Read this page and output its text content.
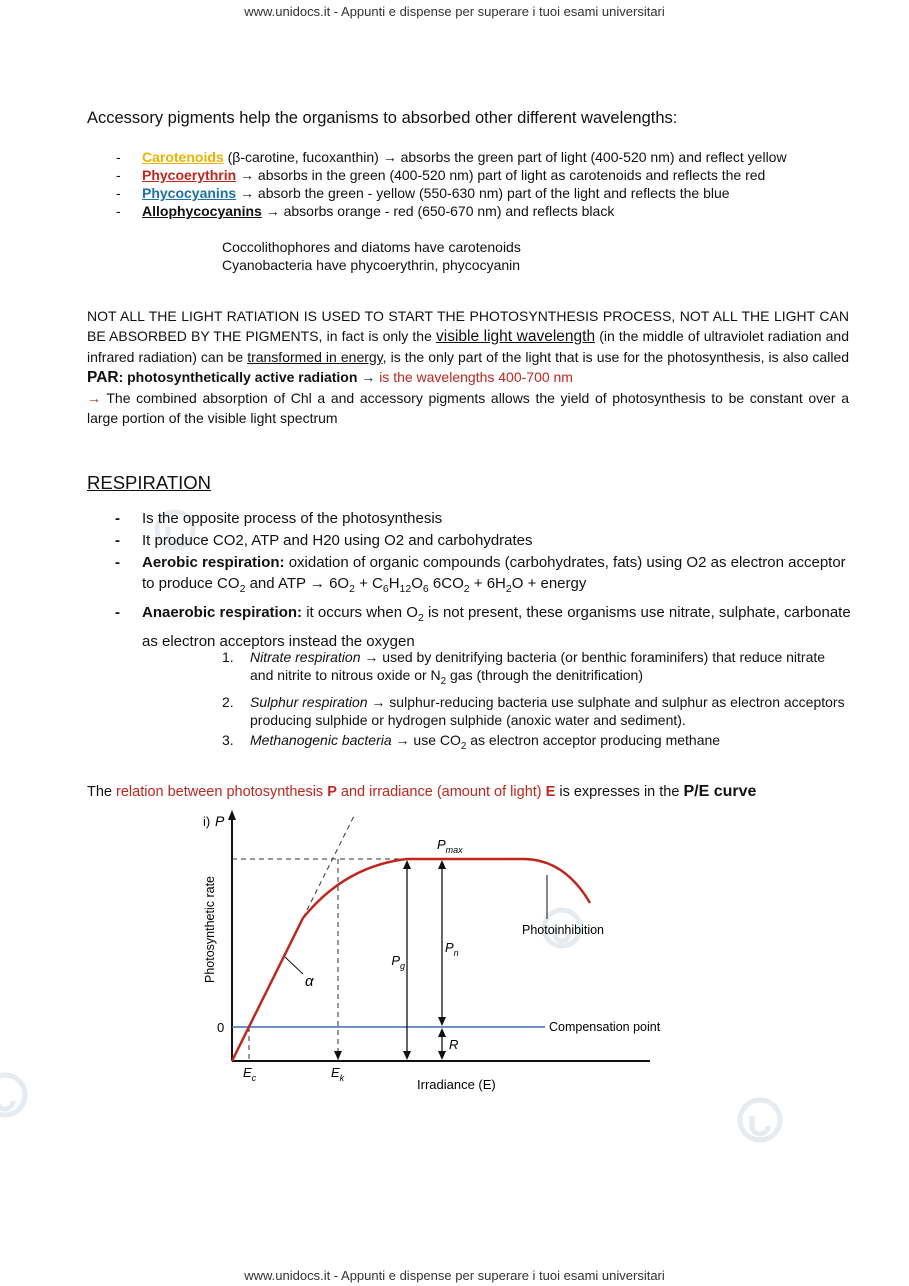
www.unidocs.it - Appunti e dispense per superare i tuoi esami universitari
www.unidocs.it - Appunti e dispense per superare i tuoi esami universitari
Accessory pigments help the organisms to absorbed other different wavelengths:
- Carotenoids (β-carotine, fucoxanthin) → absorbs the green part of light (400-520 nm) and reflect yellow
- Phycoerythrin → absorbs in the green (400-520 nm) part of light as carotenoids and reflects the red
- Phycocyanins → absorb the green - yellow (550-630 nm) part of the light and reflects the blue
- Allophycocyanins → absorbs orange - red (650-670 nm) and reflects black
Coccolithophores and diatoms have carotenoids
Cyanobacteria have phycoerythrin, phycocyanin
NOT ALL THE LIGHT RATIATION IS USED TO START THE PHOTOSYNTHESIS PROCESS, NOT ALL THE LIGHT CAN BE ABSORBED BY THE PIGMENTS, in fact is only the visible light wavelength (in the middle of ultraviolet radiation and infrared radiation) can be transformed in energy, is the only part of the light that is use for the photosynthesis, is also called PAR: photosynthetically active radiation → is the wavelengths 400-700 nm
→ The combined absorption of Chl a and accessory pigments allows the yield of photosynthesis to be constant over a large portion of the visible light spectrum
RESPIRATION
- Is the opposite process of the photosynthesis
- It produce CO2, ATP and H20 using O2 and carbohydrates
- Aerobic respiration: oxidation of organic compounds (carbohydrates, fats) using O2 as electron acceptor to produce $CO_2$ and ATP → $6O_2 + C_6H_{12}O_6$ $6CO_2 + 6H_2O$ + energy
- Anaerobic respiration: it occurs when $O_2$ is not present, these organisms use nitrate, sulphate, carbonate as electron acceptors instead the oxygen
1. Nitrate respiration → used by denitrifying bacteria (or benthic foraminifers) that reduce nitrate and nitrite to nitrous oxide or $N_2$ gas (through the denitrification)
2. Sulphur respiration → sulphur-reducing bacteria use sulphate and sulphur as electron acceptors producing sulphide or hydrogen sulphide (anoxic water and sediment).
3. Methanogenic bacteria → use $CO_2$ as electron acceptor producing methane
The relation between photosynthesis P and irradiance (amount of light) E is expresses in the P/E curve
i) P
Photosynthetic rate
0
Irradiance (E)
Compensation point
$P_{max}$
$P_g$
$P_n$
R
α
$E_c$	$E_k$
Photoinhibition
